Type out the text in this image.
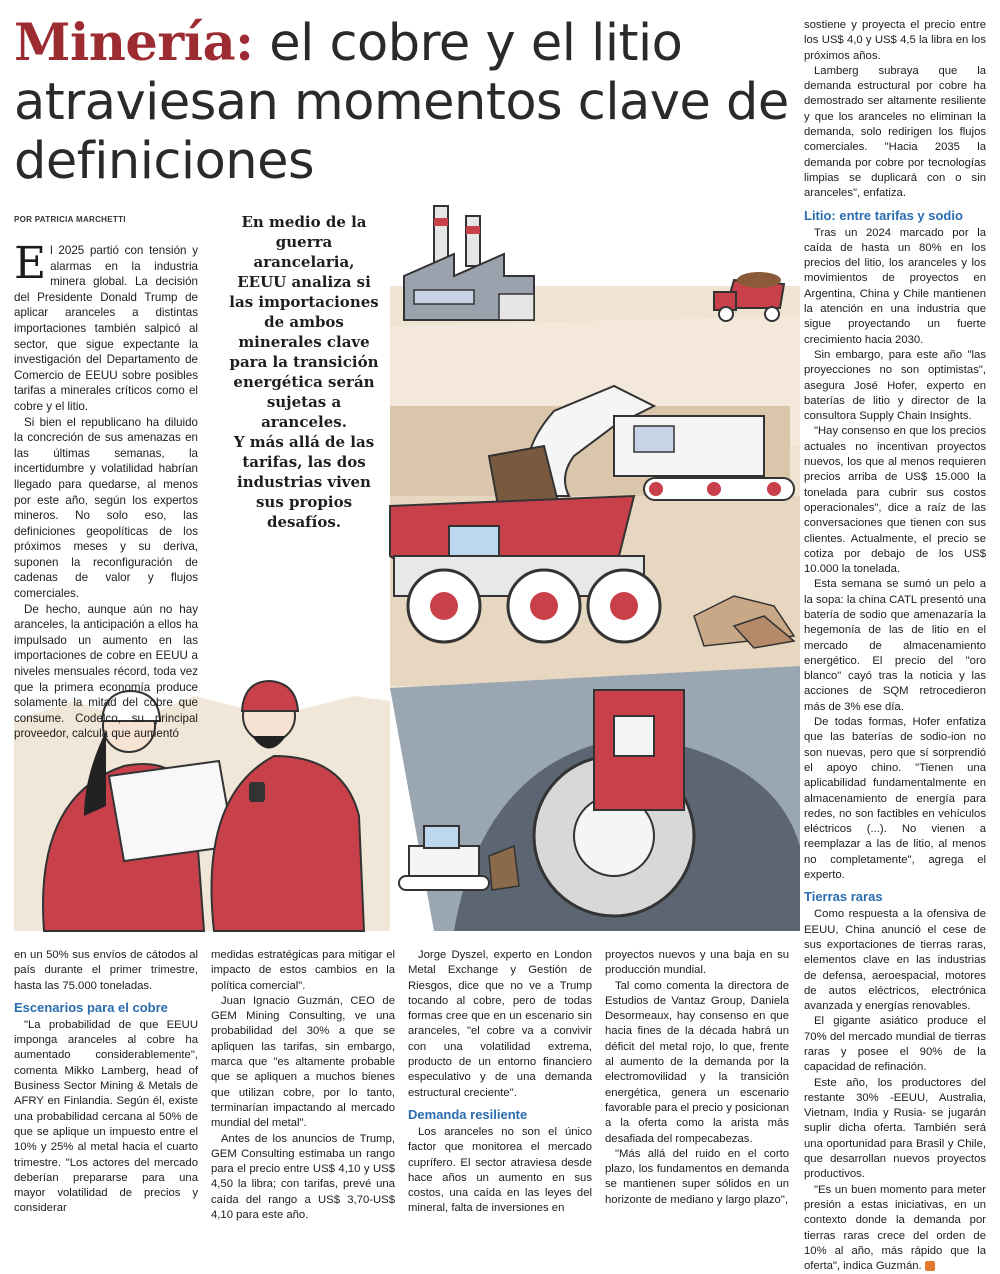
Minería: el cobre y el litio atraviesan momentos clave de definiciones
POR PATRICIA MARCHETTI	En medio de la guerra arancelaria, EEUU analiza si las importaciones de ambos minerales clave para la transición energética serán sujetas a aranceles.

Y más allá de las tarifas, las dos industrias viven sus propios desafíos.

El 2025 partió con tensión y alarmas en la industria minera global. La decisión del Presidente Donald Trump de aplicar aranceles a distintas importaciones también salpicó al sector, que sigue expectante la investigación del Departamento de Comercio de EEUU sobre posibles tarifas a minerales críticos como el cobre y el litio.

Si bien el republicano ha diluido la concreción de sus amenazas en las últimas semanas, la incertidumbre y volatilidad habrían llegado para quedarse, al menos por este año, según los expertos mineros. No solo eso, las definiciones geopolíticas de los próximos meses y su deriva, suponen la reconfiguración de cadenas de valor y flujos comerciales.

De hecho, aunque aún no hay aranceles, la anticipación a ellos ha impulsado un aumento en las importaciones de cobre en EEUU a niveles mensuales récord, toda vez que la primera economía produce solamente la mitad del cobre que consume. Codelco, su principal proveedor, calcula que aumentó

sostiene y proyecta el precio entre los US$ 4,0 y US$ 4,5 la libra en los próximos años.

Lamberg subraya que la demanda estructural por cobre ha demostrado ser altamente resiliente y que los aranceles no eliminan la demanda, solo redirigen los flujos comerciales. "Hacia 2035 la demanda por cobre por tecnologías limpias se duplicará con o sin aranceles", enfatiza.

Litio: entre tarifas y sodio

Tras un 2024 marcado por la caída de hasta un 80% en los precios del litio, los aranceles y los movimientos de proyectos en Argentina, China y Chile mantienen la atención en una industria que sigue proyectando un fuerte crecimiento hacia 2030.

Sin embargo, para este año "las proyecciones no son optimistas", asegura José Hofer, experto en baterías de litio y director de la consultora Supply Chain Insights.

"Hay consenso en que los precios actuales no incentivan proyectos nuevos, los que al menos requieren precios arriba de US$ 15.000 la tonelada para cubrir sus costos operacionales", dice a raíz de las conversaciones que tienen con sus clientes. Actualmente, el precio se cotiza por debajo de los US$ 10.000 la tonelada.

Esta semana se sumó un pelo a la sopa: la china CATL presentó una batería de sodio que amenazaría la hegemonía de las de litio en el mercado de almacenamiento energético. El precio del "oro blanco" cayó tras la noticia y las acciones de SQM retrocedieron más de 3% ese día.

De todas formas, Hofer enfatiza que las baterías de sodio-ion no son nuevas, pero que sí sorprendió el apoyo chino. "Tienen una aplicabilidad fundamentalmente en almacenamiento de energía para redes, no son factibles en vehículos eléctricos (...). No vienen a reemplazar a las de litio, al menos no completamente", agrega el experto.

Tierras raras

Como respuesta a la ofensiva de EEUU, China anunció el cese de sus exportaciones de tierras raras, elementos clave en las industrias de defensa, aeroespacial, motores de autos eléctricos, electrónica avanzada y energías renovables.

El gigante asiático produce el 70% del mercado mundial de tierras raras y posee el 90% de la capacidad de refinación.

Este año, los productores del restante 30% -EEUU, Australia, Vietnam, India y Rusia- se jugarán suplir dicha oferta. También será una oportunidad para Brasil y Chile, que desarrollan nuevos proyectos productivos.

"Es un buen momento para meter presión a estas iniciativas, en un contexto donde la demanda por tierras raras crece del orden de 10% al año, más rápido que la oferta", indica Guzmán.

en un 50% sus envíos de cátodos al país durante el primer trimestre, hasta las 75.000 toneladas.

Escenarios para el cobre

"La probabilidad de que EEUU imponga aranceles al cobre ha aumentado considerablemente", comenta Mikko Lamberg, head of Business Sector Mining & Metals de AFRY en Finlandia. Según él, existe una probabilidad cercana al 50% de que se aplique un impuesto entre el 10% y 25% al metal hacia el cuarto trimestre. "Los actores del mercado deberían prepararse para una mayor volatilidad de precios y considerar

medidas estratégicas para mitigar el impacto de estos cambios en la política comercial".

Juan Ignacio Guzmán, CEO de GEM Mining Consulting, ve una probabilidad del 30% a que se apliquen las tarifas, sin embargo, marca que "es altamente probable que se apliquen a muchos bienes que utilizan cobre, por lo tanto, terminarían impactando al mercado mundial del metal".

Antes de los anuncios de Trump, GEM Consulting estimaba un rango para el precio entre US$ 4,10 y US$ 4,50 la libra; con tarifas, prevé una caída del rango a US$ 3,70-US$ 4,10 para este año.

Jorge Dyszel, experto en London Metal Exchange y Gestión de Riesgos, dice que no ve a Trump tocando al cobre, pero de todas formas cree que en un escenario sin aranceles, "el cobre va a convivir con una volatilidad extrema, producto de un entorno financiero especulativo y de una demanda estructural creciente".

Demanda resiliente

Los aranceles no son el único factor que monitorea el mercado cuprífero. El sector atraviesa desde hace años un aumento en sus costos, una caída en las leyes del mineral, falta de inversiones en

proyectos nuevos y una baja en su producción mundial.

Tal como comenta la directora de Estudios de Vantaz Group, Daniela Desormeaux, hay consenso en que hacia fines de la década habrá un déficit del metal rojo, lo que, frente al aumento de la demanda por la electromovilidad y la transición energética, genera un escenario favorable para el precio y posicionan a la oferta como la arista más desafiada del rompecabezas.

"Más allá del ruido en el corto plazo, los fundamentos en demanda se mantienen super sólidos en un horizonte de mediano y largo plazo",
